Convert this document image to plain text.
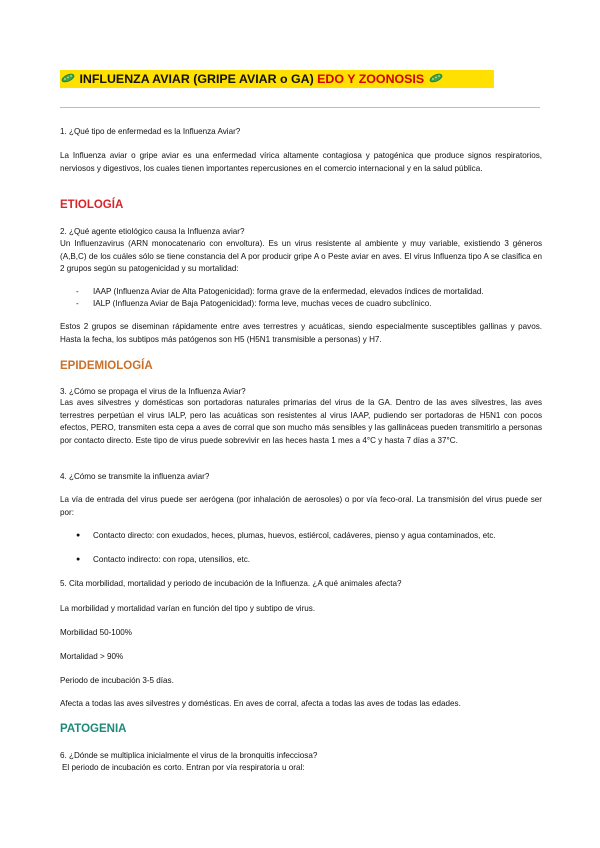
INFLUENZA AVIAR (GRIPE AVIAR o GA) EDO Y ZOONOSIS

1. ¿Qué tipo de enfermedad es la Influenza Aviar?

La Influenza aviar o gripe aviar es una enfermedad vírica altamente contagiosa y patogénica que produce signos respiratorios, nerviosos y digestivos, los cuales tienen importantes repercusiones en el comercio internacional y en la salud pública.

ETIOLOGÍA

2. ¿Qué agente etiológico causa la Influenza aviar?

Un Influenzavirus (ARN monocatenario con envoltura). Es un virus resistente al ambiente y muy variable, existiendo 3 géneros (A,B,C) de los cuáles sólo se tiene constancia del A por producir gripe A o Peste aviar en aves. El virus Influenza tipo A se clasifica en 2 grupos según su patogenicidad y su mortalidad:

- IAAP (Influenza Aviar de Alta Patogenicidad): forma grave de la enfermedad, elevados índices de mortalidad.
- IALP (Influenza Aviar de Baja Patogenicidad): forma leve, muchas veces de cuadro subclínico.

Estos 2 grupos se diseminan rápidamente entre aves terrestres y acuáticas, siendo especialmente susceptibles gallinas y pavos. Hasta la fecha, los subtipos más patógenos son H5 (H5N1 transmisible a personas) y H7.

EPIDEMIOLOGÍA

3. ¿Cómo se propaga el virus de la Influenza Aviar?

Las aves silvestres y domésticas son portadoras naturales primarias del virus de la GA. Dentro de las aves silvestres, las aves terrestres perpetúan el virus IALP, pero las acuáticas son resistentes al virus IAAP, pudiendo ser portadoras de H5N1 con pocos efectos, PERO, transmiten esta cepa a aves de corral que son mucho más sensibles y las gallináceas pueden transmitirlo a personas por contacto directo. Este tipo de virus puede sobrevivir en las heces hasta 1 mes a 4°C y hasta 7 días a 37°C.

4. ¿Cómo se transmite la influenza aviar?

La vía de entrada del virus puede ser aerógena (por inhalación de aerosoles) o por vía feco-oral. La transmisión del virus puede ser por:

● Contacto directo: con exudados, heces, plumas, huevos, estiércol, cadáveres, pienso y agua contaminados, etc.
● Contacto indirecto: con ropa, utensilios, etc.

5. Cita morbilidad, mortalidad y periodo de incubación de la Influenza. ¿A qué animales afecta?

La morbilidad y mortalidad varían en función del tipo y subtipo de virus.

Morbilidad 50-100%

Mortalidad > 90%

Periodo de incubación 3-5 días.

Afecta a todas las aves silvestres y domésticas. En aves de corral, afecta a todas las aves de todas las edades.

PATOGENIA

6. ¿Dónde se multiplica inicialmente el virus de la bronquitis infecciosa?

El periodo de incubación es corto. Entran por vía respiratoria u oral:
